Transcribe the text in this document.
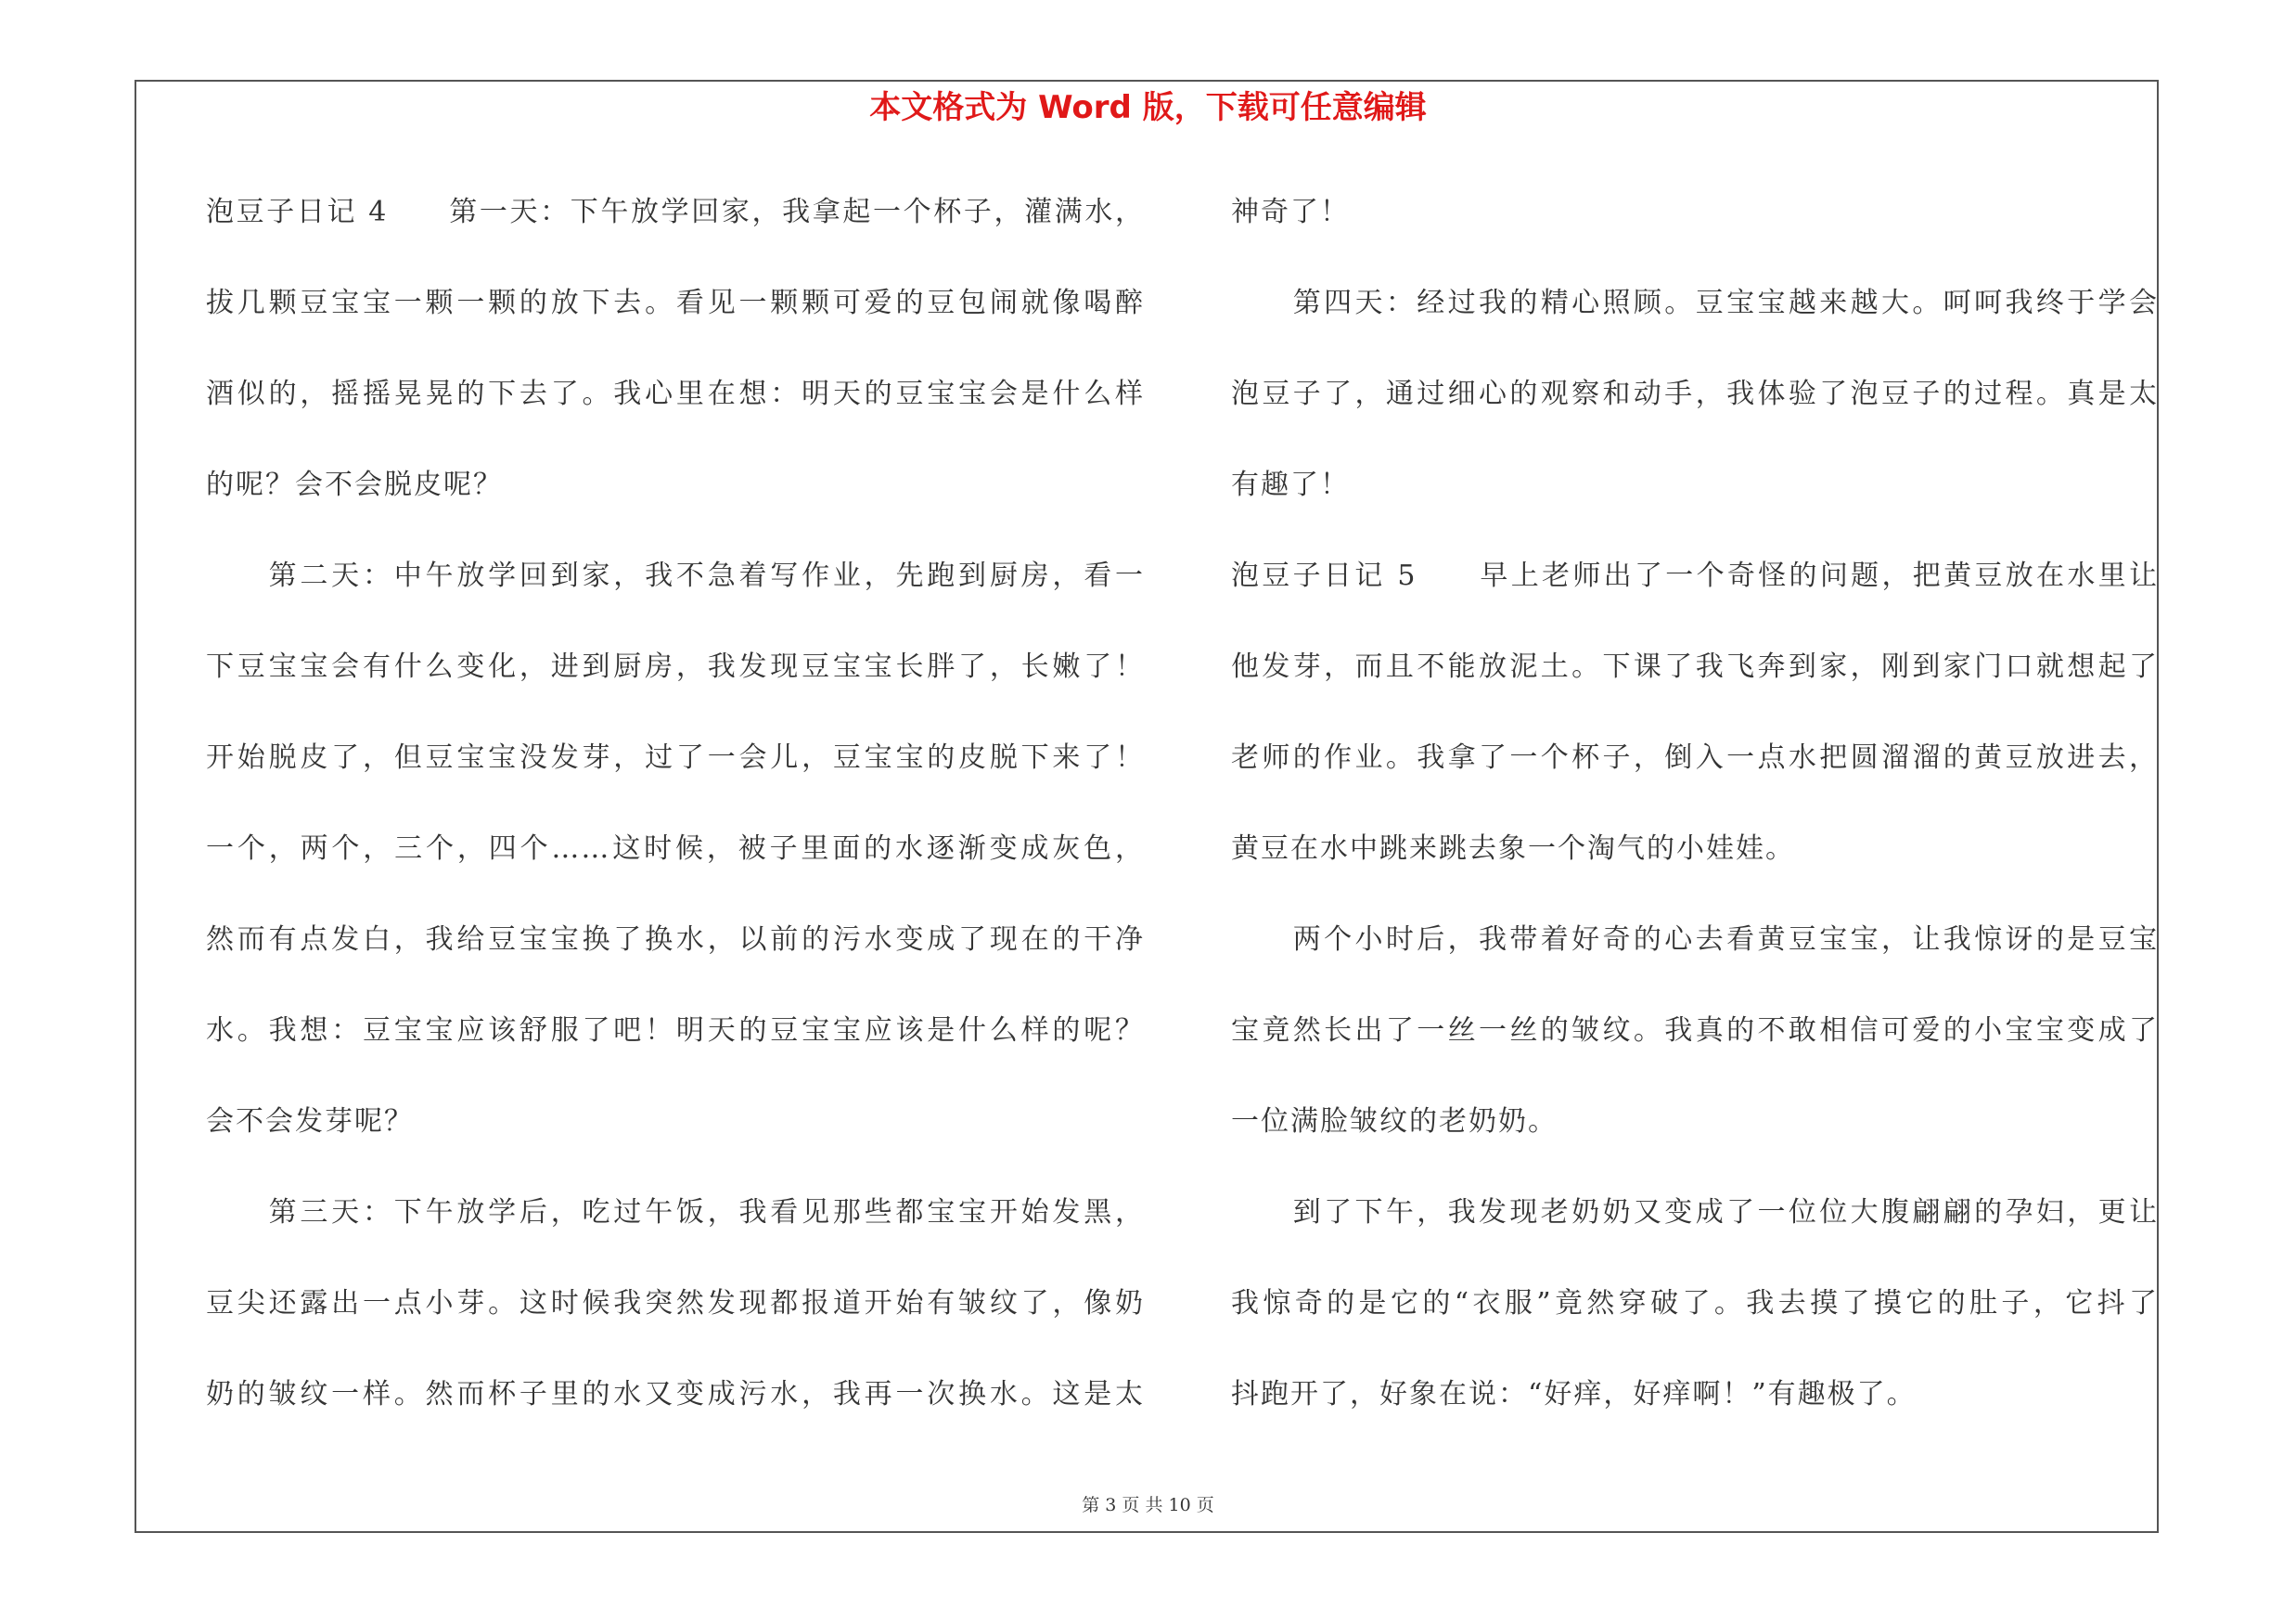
本文格式为 Word 版，下载可任意编辑
泡豆子日记 4　　第一天：下午放学回家，我拿起一个杯子，灌满水，
拔几颗豆宝宝一颗一颗的放下去。看见一颗颗可爱的豆包闹就像喝醉
酒似的，摇摇晃晃的下去了。我心里在想：明天的豆宝宝会是什么样
的呢？会不会脱皮呢？
　　第二天：中午放学回到家，我不急着写作业，先跑到厨房，看一
下豆宝宝会有什么变化，进到厨房，我发现豆宝宝长胖了，长嫩了！
开始脱皮了，但豆宝宝没发芽，过了一会儿，豆宝宝的皮脱下来了！
一个，两个，三个，四个……这时候，被子里面的水逐渐变成灰色，
然而有点发白，我给豆宝宝换了换水，以前的污水变成了现在的干净
水。我想：豆宝宝应该舒服了吧！明天的豆宝宝应该是什么样的呢？
会不会发芽呢？
　　第三天：下午放学后，吃过午饭，我看见那些都宝宝开始发黑，
豆尖还露出一点小芽。这时候我突然发现都报道开始有皱纹了，像奶
奶的皱纹一样。然而杯子里的水又变成污水，我再一次换水。这是太
神奇了！
　　第四天：经过我的精心照顾。豆宝宝越来越大。呵呵我终于学会
泡豆子了，通过细心的观察和动手，我体验了泡豆子的过程。真是太
有趣了！
泡豆子日记 5　　早上老师出了一个奇怪的问题，把黄豆放在水里让
他发芽，而且不能放泥土。下课了我飞奔到家，刚到家门口就想起了
老师的作业。我拿了一个杯子，倒入一点水把圆溜溜的黄豆放进去，
黄豆在水中跳来跳去象一个淘气的小娃娃。
　　两个小时后，我带着好奇的心去看黄豆宝宝，让我惊讶的是豆宝
宝竟然长出了一丝一丝的皱纹。我真的不敢相信可爱的小宝宝变成了
一位满脸皱纹的老奶奶。
　　到了下午，我发现老奶奶又变成了一位位大腹翩翩的孕妇，更让
我惊奇的是它的“衣服”竟然穿破了。我去摸了摸它的肚子，它抖了
抖跑开了，好象在说：“好痒，好痒啊！”有趣极了。
第 3 页 共 10 页
